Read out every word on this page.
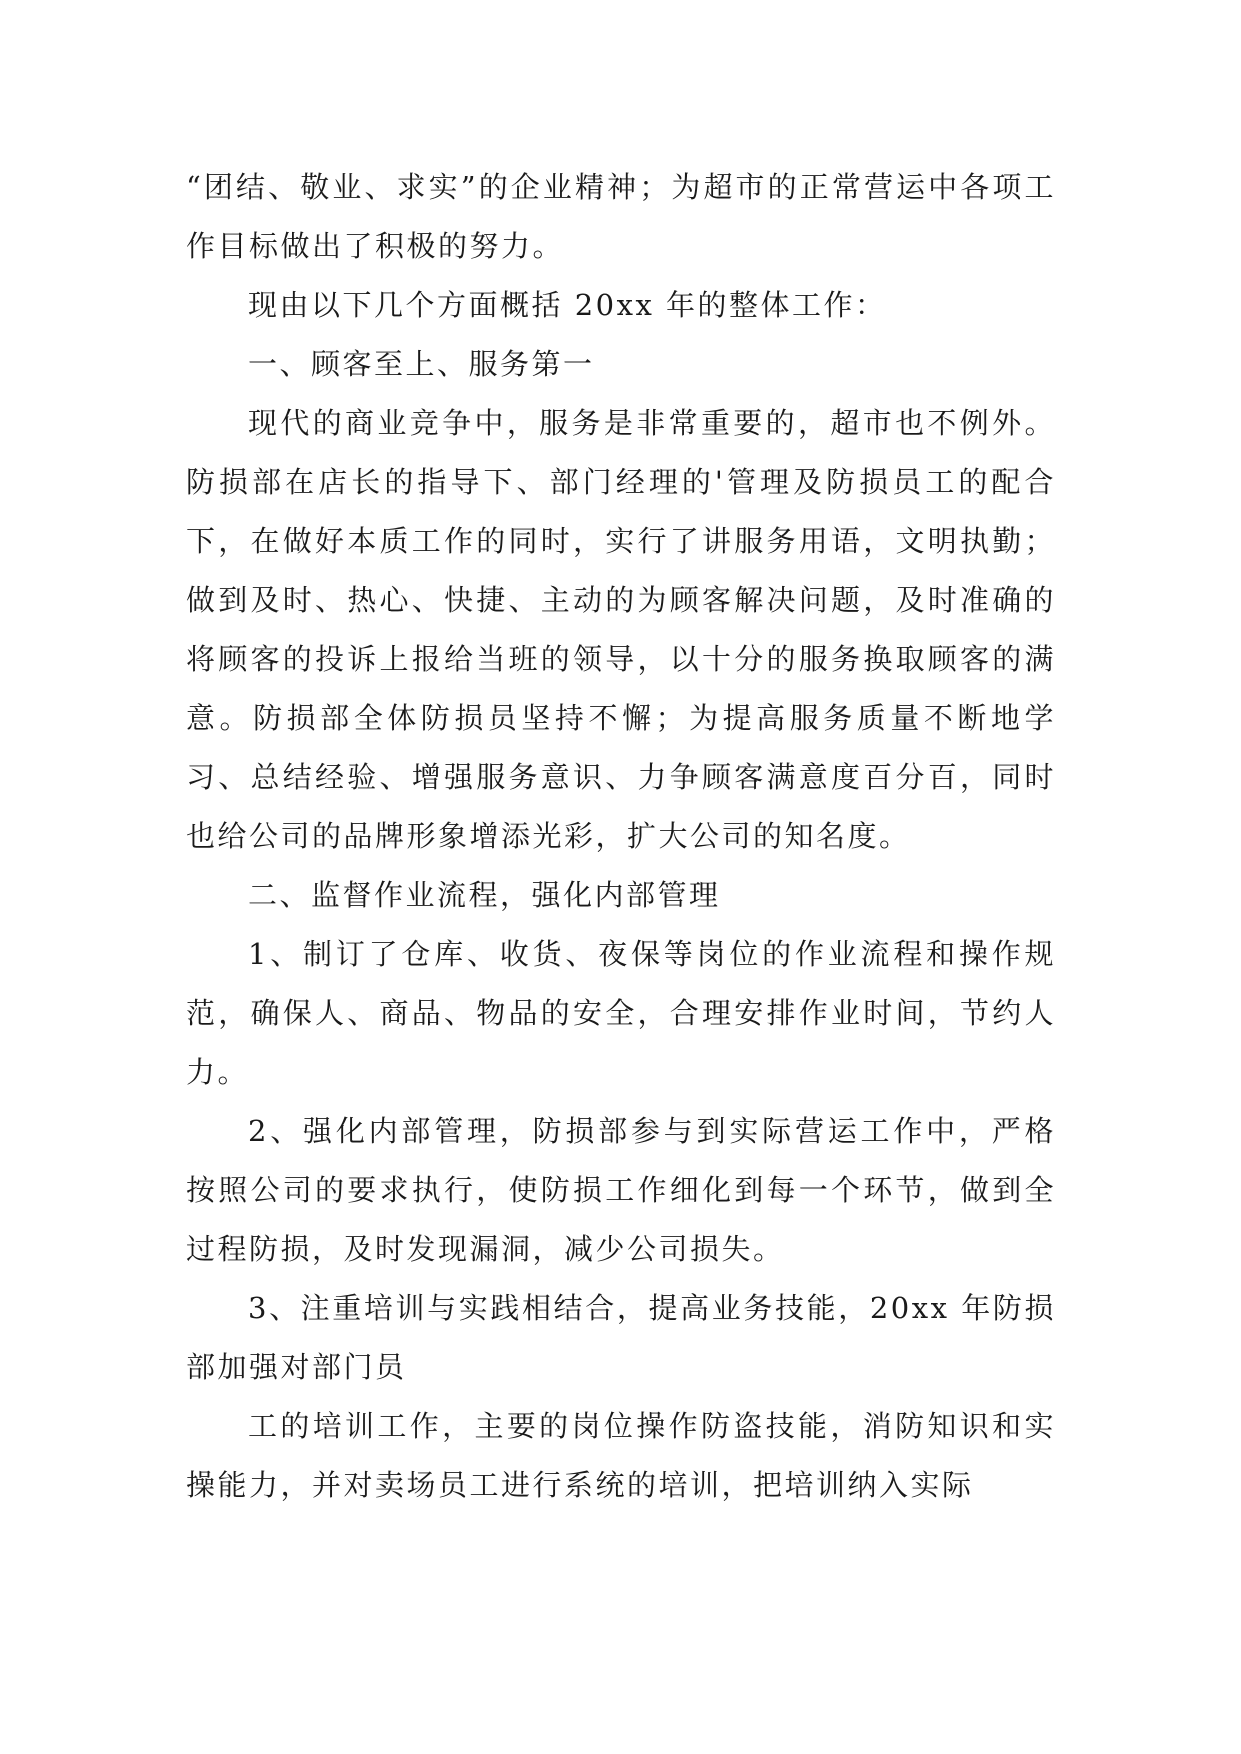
“团结、敬业、求实”的企业精神；为超市的正常营运中各项工作目标做出了积极的努力。

现由以下几个方面概括 20xx 年的整体工作：

一、顾客至上、服务第一

现代的商业竞争中，服务是非常重要的，超市也不例外。防损部在店长的指导下、部门经理的'管理及防损员工的配合下，在做好本质工作的同时，实行了讲服务用语，文明执勤；做到及时、热心、快捷、主动的为顾客解决问题，及时准确的将顾客的投诉上报给当班的领导，以十分的服务换取顾客的满意。防损部全体防损员坚持不懈；为提高服务质量不断地学习、总结经验、增强服务意识、力争顾客满意度百分百，同时也给公司的品牌形象增添光彩，扩大公司的知名度。

二、监督作业流程，强化内部管理

1、制订了仓库、收货、夜保等岗位的作业流程和操作规范，确保人、商品、物品的安全，合理安排作业时间，节约人力。

2、强化内部管理，防损部参与到实际营运工作中，严格按照公司的要求执行，使防损工作细化到每一个环节，做到全过程防损，及时发现漏洞，减少公司损失。

3、注重培训与实践相结合，提高业务技能，20xx 年防损部加强对部门员

工的培训工作，主要的岗位操作防盗技能，消防知识和实操能力，并对卖场员工进行系统的培训，把培训纳入实际
